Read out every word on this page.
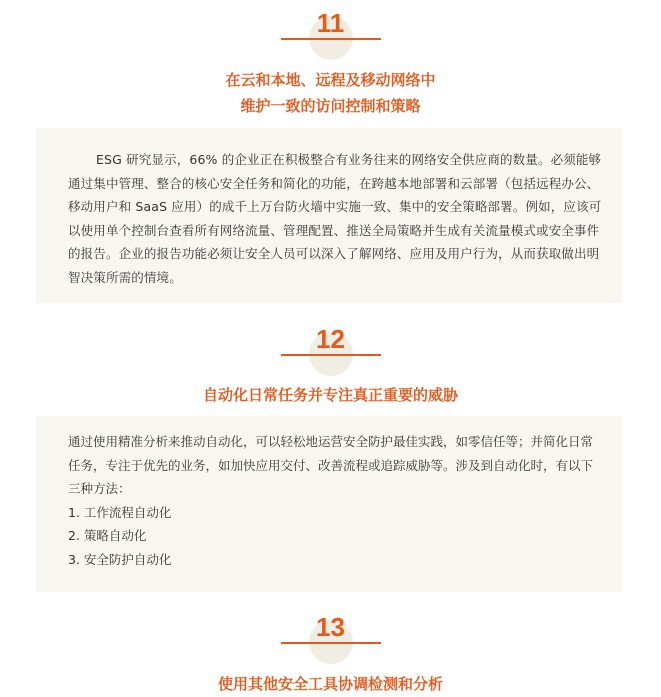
11

在云和本地、远程及移动网络中

维护一致的访问控制和策略

ESG 研究显示，66% 的企业正在积极整合有业务往来的网络安全供应商的数量。必须能够通过集中管理、整合的核心安全任务和简化的功能，在跨越本地部署和云部署（包括远程办公、移动用户和 SaaS 应用）的成千上万台防火墙中实施一致、集中的安全策略部署。例如，应该可以使用单个控制台查看所有网络流量、管理配置、推送全局策略并生成有关流量模式或安全事件的报告。企业的报告功能必须让安全人员可以深入了解网络、应用及用户行为，从而获取做出明智决策所需的情境。

12

自动化日常任务并专注真正重要的威胁

通过使用精准分析来推动自动化，可以轻松地运营安全防护最佳实践，如零信任等；并简化日常任务，专注于优先的业务，如加快应用交付、改善流程或追踪威胁等。涉及到自动化时，有以下三种方法：

1. 工作流程自动化
2. 策略自动化
3. 安全防护自动化
13

使用其他安全工具协调检测和分析
